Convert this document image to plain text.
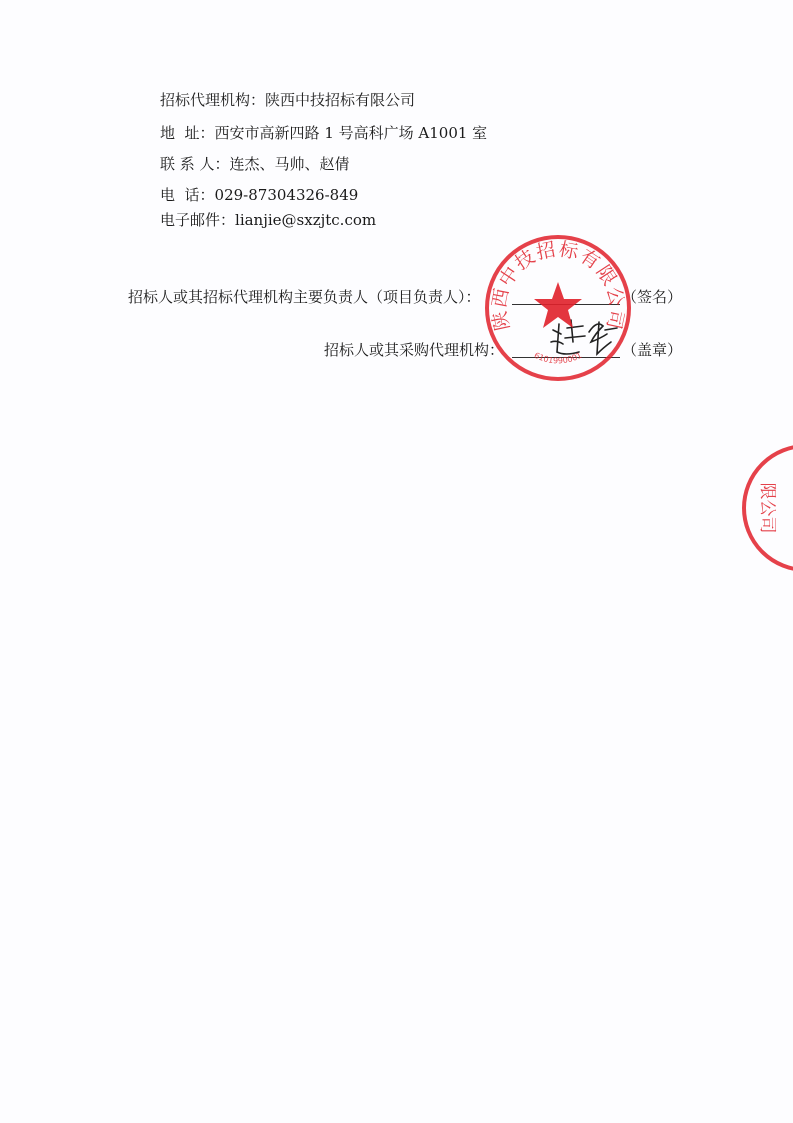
招标代理机构：陕西中技招标有限公司
地  址：西安市高新四路 1 号高科广场 A1001 室
联 系 人：连杰、马帅、赵倩
电  话：029-87304326-849
电子邮件：lianjie@sxzjtc.com
招标人或其招标代理机构主要负责人（项目负责人）：	（签名）
招标人或其采购代理机构：	（盖章）
陕西中技招标有限公司
6101990001
限公司
